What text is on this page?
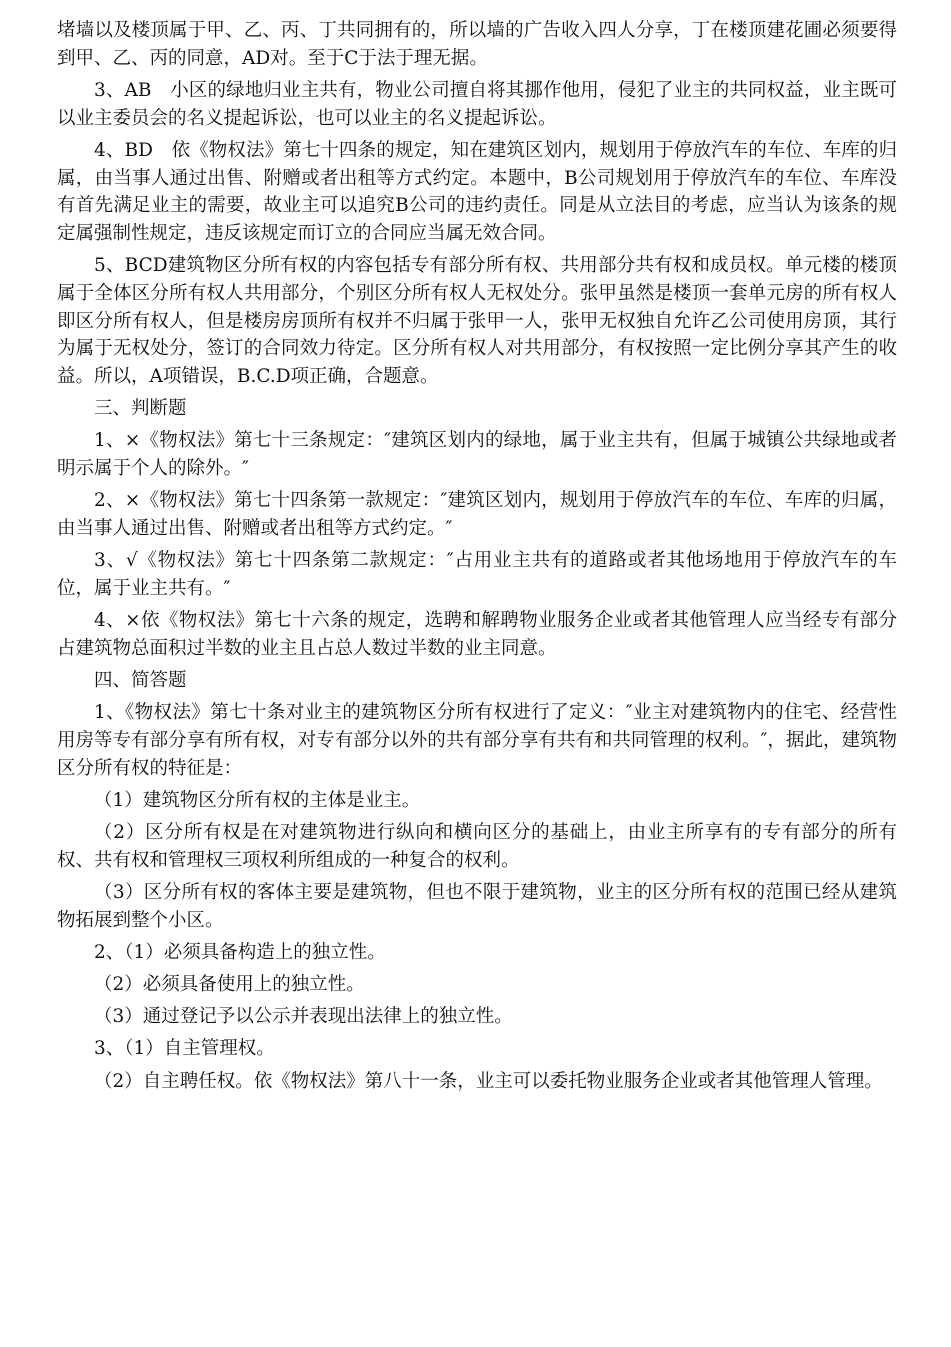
堵墙以及楼顶属于甲、乙、丙、丁共同拥有的，所以墙的广告收入四人分享，丁在楼顶建花圃必须要得到甲、乙、丙的同意，AD对。至于C于法于理无据。

3、AB　小区的绿地归业主共有，物业公司擅自将其挪作他用，侵犯了业主的共同权益，业主既可以业主委员会的名义提起诉讼，也可以业主的名义提起诉讼。

4、BD　依《物权法》第七十四条的规定，知在建筑区划内，规划用于停放汽车的车位、车库的归属，由当事人通过出售、附赠或者出租等方式约定。本题中，B公司规划用于停放汽车的车位、车库没有首先满足业主的需要，故业主可以追究B公司的违约责任。同是从立法目的考虑，应当认为该条的规定属强制性规定，违反该规定而订立的合同应当属无效合同。

5、BCD建筑物区分所有权的内容包括专有部分所有权、共用部分共有权和成员权。单元楼的楼顶属于全体区分所有权人共用部分，个别区分所有权人无权处分。张甲虽然是楼顶一套单元房的所有权人即区分所有权人，但是楼房房顶所有权并不归属于张甲一人，张甲无权独自允许乙公司使用房顶，其行为属于无权处分，签订的合同效力待定。区分所有权人对共用部分，有权按照一定比例分享其产生的收益。所以，A项错误，B.C.D项正确，合题意。

三、判断题

1、×《物权法》第七十三条规定：″建筑区划内的绿地，属于业主共有，但属于城镇公共绿地或者明示属于个人的除外。″

2、×《物权法》第七十四条第一款规定：″建筑区划内，规划用于停放汽车的车位、车库的归属，由当事人通过出售、附赠或者出租等方式约定。″

3、√《物权法》第七十四条第二款规定：″占用业主共有的道路或者其他场地用于停放汽车的车位，属于业主共有。″

4、×依《物权法》第七十六条的规定，选聘和解聘物业服务企业或者其他管理人应当经专有部分占建筑物总面积过半数的业主且占总人数过半数的业主同意。

四、简答题

1、《物权法》第七十条对业主的建筑物区分所有权进行了定义：″业主对建筑物内的住宅、经营性用房等专有部分享有所有权，对专有部分以外的共有部分享有共有和共同管理的权利。″，据此，建筑物区分所有权的特征是：

（1）建筑物区分所有权的主体是业主。

（2）区分所有权是在对建筑物进行纵向和横向区分的基础上，由业主所享有的专有部分的所有权、共有权和管理权三项权利所组成的一种复合的权利。

（3）区分所有权的客体主要是建筑物，但也不限于建筑物，业主的区分所有权的范围已经从建筑物拓展到整个小区。

2、（1）必须具备构造上的独立性。

（2）必须具备使用上的独立性。

（3）通过登记予以公示并表现出法律上的独立性。

3、（1）自主管理权。

（2）自主聘任权。依《物权法》第八十一条，业主可以委托物业服务企业或者其他管理人管理。
